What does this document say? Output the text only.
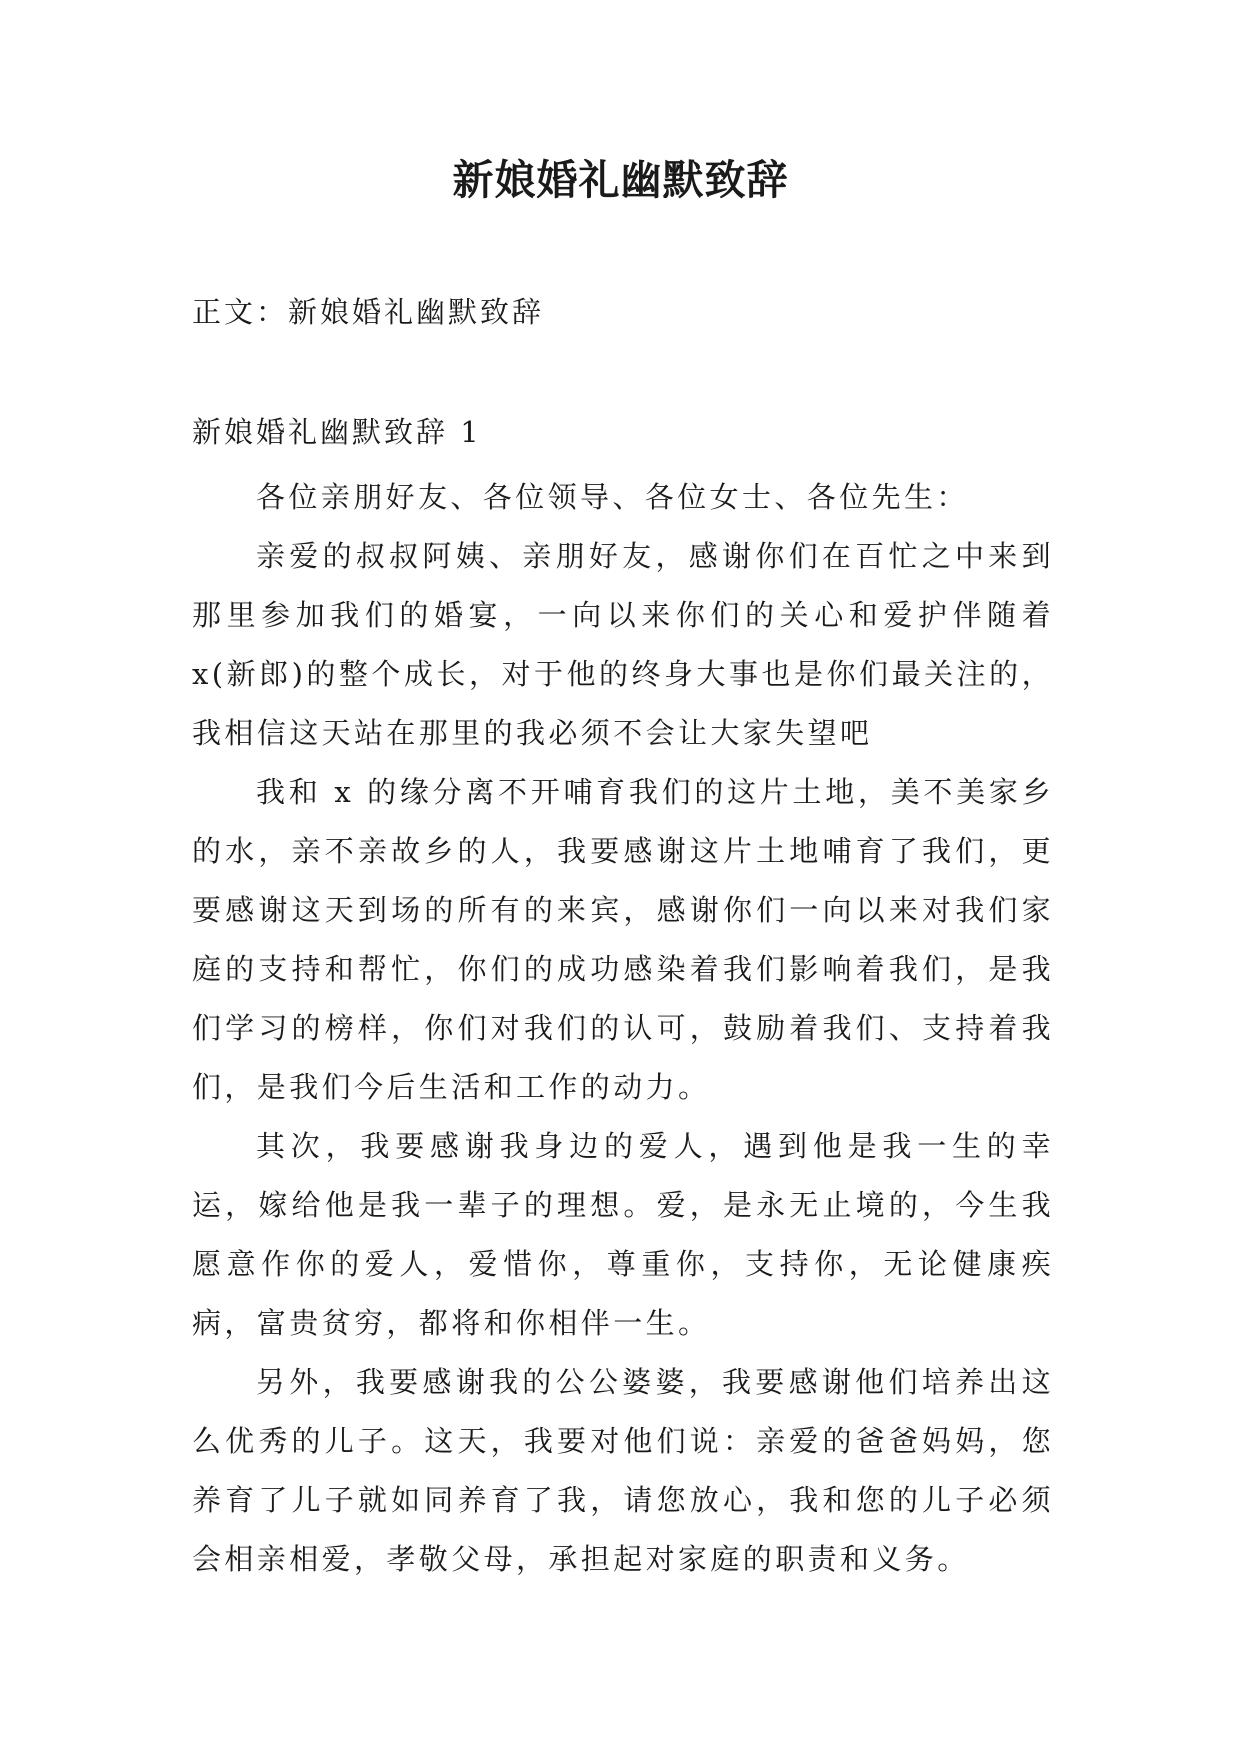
新娘婚礼幽默致辞
正文：新娘婚礼幽默致辞
新娘婚礼幽默致辞 1

各位亲朋好友、各位领导、各位女士、各位先生：

亲爱的叔叔阿姨、亲朋好友，感谢你们在百忙之中来到那里参加我们的婚宴，一向以来你们的关心和爱护伴随着x(新郎)的整个成长，对于他的终身大事也是你们最关注的，我相信这天站在那里的我必须不会让大家失望吧

我和 x 的缘分离不开哺育我们的这片土地，美不美家乡的水，亲不亲故乡的人，我要感谢这片土地哺育了我们，更要感谢这天到场的所有的来宾，感谢你们一向以来对我们家庭的支持和帮忙，你们的成功感染着我们影响着我们，是我们学习的榜样，你们对我们的认可，鼓励着我们、支持着我们，是我们今后生活和工作的动力。

其次，我要感谢我身边的爱人，遇到他是我一生的幸运，嫁给他是我一辈子的理想。爱，是永无止境的，今生我愿意作你的爱人，爱惜你，尊重你，支持你，无论健康疾病，富贵贫穷，都将和你相伴一生。

另外，我要感谢我的公公婆婆，我要感谢他们培养出这么优秀的儿子。这天，我要对他们说：亲爱的爸爸妈妈，您养育了儿子就如同养育了我，请您放心，我和您的儿子必须会相亲相爱，孝敬父母，承担起对家庭的职责和义务。
